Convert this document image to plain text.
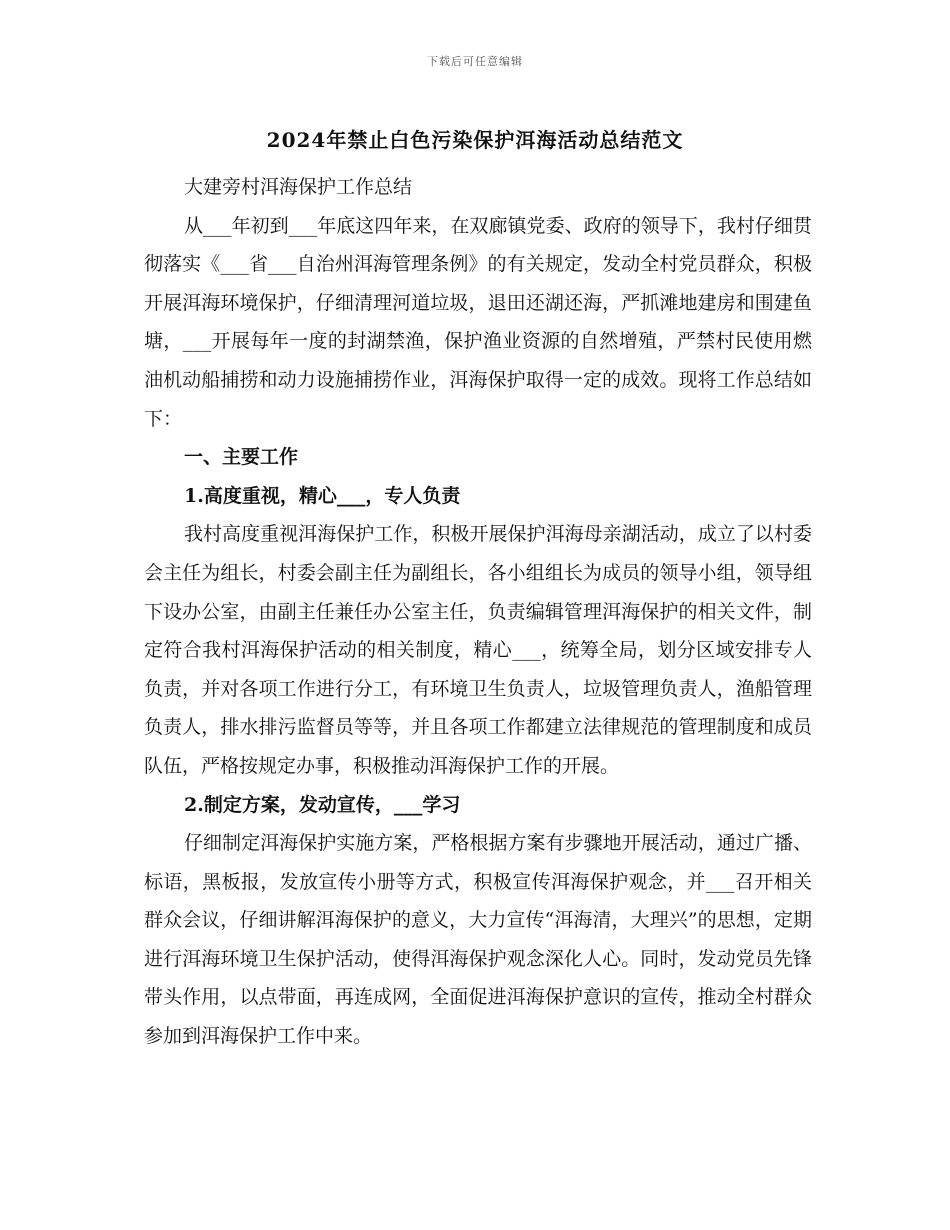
下载后可任意编辑
2024年禁止白色污染保护洱海活动总结范文

大建旁村洱海保护工作总结

从___年初到___年底这四年来，在双廊镇党委、政府的领导下，我村仔细贯彻落实《___省___自治州洱海管理条例》的有关规定，发动全村党员群众，积极开展洱海环境保护，仔细清理河道垃圾，退田还湖还海，严抓滩地建房和围建鱼塘，___开展每年一度的封湖禁渔，保护渔业资源的自然增殖，严禁村民使用燃油机动船捕捞和动力设施捕捞作业，洱海保护取得一定的成效。现将工作总结如下：

一、主要工作

1.高度重视，精心___，专人负责

我村高度重视洱海保护工作，积极开展保护洱海母亲湖活动，成立了以村委会主任为组长，村委会副主任为副组长，各小组组长为成员的领导小组，领导组下设办公室，由副主任兼任办公室主任，负责编辑管理洱海保护的相关文件，制定符合我村洱海保护活动的相关制度，精心___，统筹全局，划分区域安排专人负责，并对各项工作进行分工，有环境卫生负责人，垃圾管理负责人，渔船管理负责人，排水排污监督员等等，并且各项工作都建立法律规范的管理制度和成员队伍，严格按规定办事，积极推动洱海保护工作的开展。

2.制定方案，发动宣传，___学习

仔细制定洱海保护实施方案，严格根据方案有步骤地开展活动，通过广播、标语，黑板报，发放宣传小册等方式，积极宣传洱海保护观念，并___召开相关群众会议，仔细讲解洱海保护的意义，大力宣传“洱海清，大理兴”的思想，定期进行洱海环境卫生保护活动，使得洱海保护观念深化人心。同时，发动党员先锋带头作用，以点带面，再连成网，全面促进洱海保护意识的宣传，推动全村群众参加到洱海保护工作中来。
